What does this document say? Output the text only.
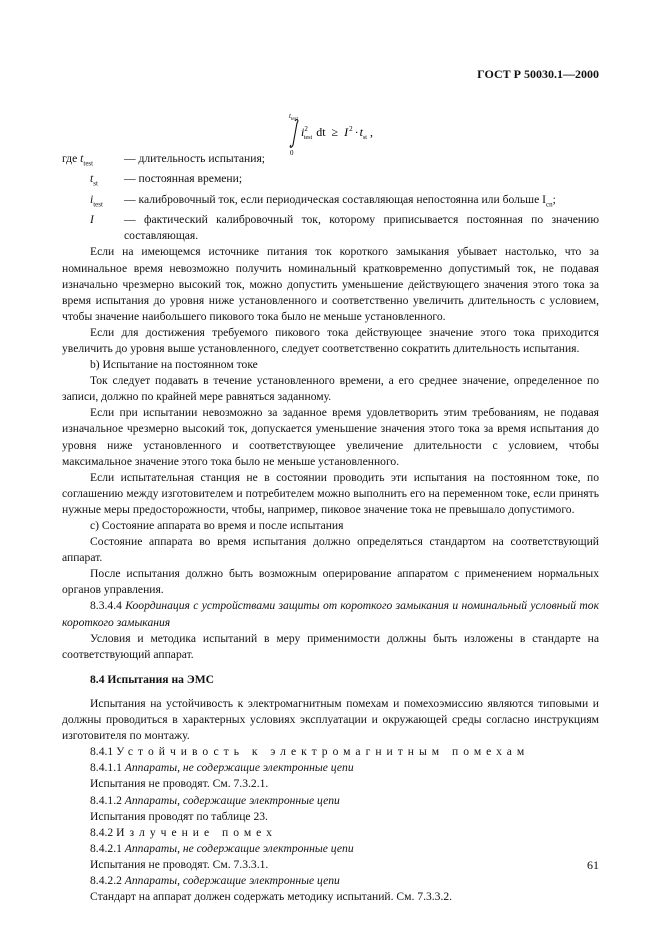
ГОСТ Р 50030.1—2000
$t_{test}$
0
$i^2$ test dt ≥ $I^2 \cdot t_{st}$ ,
где $t_{test}$	— длительность испытания;
$t_{st}$	— постоянная времени;
$i_{test}$	— калибровочный ток, если периодическая составляющая непостоянна или больше $I_{cn}$;
I	— фактический калибровочный ток, которому приписывается постоянная по значению составляющая.

Если на имеющемся источнике питания ток короткого замыкания убывает настолько, что за номинальное время невозможно получить номинальный кратковременно допустимый ток, не подавая изначально чрезмерно высокий ток, можно допустить уменьшение действующего значения этого тока за время испытания до уровня ниже установленного и соответственно увеличить длительность с условием, чтобы значение наибольшего пикового тока было не меньше установленного.

Если для достижения требуемого пикового тока действующее значение этого тока приходится увеличить до уровня выше установленного, следует соответственно сократить длительность испытания.

b) Испытание на постоянном токе

Ток следует подавать в течение установленного времени, а его среднее значение, определенное по записи, должно по крайней мере равняться заданному.

Если при испытании невозможно за заданное время удовлетворить этим требованиям, не подавая изначальное чрезмерно высокий ток, допускается уменьшение значения этого тока за время испытания до уровня ниже установленного и соответствующее увеличение длительности с условием, чтобы максимальное значение этого тока было не меньше установленного.

Если испытательная станция не в состоянии проводить эти испытания на постоянном токе, по соглашению между изготовителем и потребителем можно выполнить его на переменном токе, если принять нужные меры предосторожности, чтобы, например, пиковое значение тока не превышало допустимого.

c) Состояние аппарата во время и после испытания

Состояние аппарата во время испытания должно определяться стандартом на соответствующий аппарат.

После испытания должно быть возможным оперирование аппаратом с применением нормальных органов управления.

8.3.4.4 Координация с устройствами защиты от короткого замыкания и номинальный условный ток короткого замыкания

Условия и методика испытаний в меру применимости должны быть изложены в стандарте на соответствующий аппарат.

8.4 Испытания на ЭМС

Испытания на устойчивость к электромагнитным помехам и помехоэмиссию являются типовыми и должны проводиться в характерных условиях эксплуатации и окружающей среды согласно инструкциям изготовителя по монтажу.

8.4.1 Устойчивость к электромагнитным помехам

8.4.1.1 Аппараты, не содержащие электронные цепи

Испытания не проводят. См. 7.3.2.1.

8.4.1.2 Аппараты, содержащие электронные цепи

Испытания проводят по таблице 23.

8.4.2 Излучение помех

8.4.2.1 Аппараты, не содержащие электронные цепи

Испытания не проводят. См. 7.3.3.1.

8.4.2.2 Аппараты, содержащие электронные цепи

Стандарт на аппарат должен содержать методику испытаний. См. 7.3.3.2.

61
